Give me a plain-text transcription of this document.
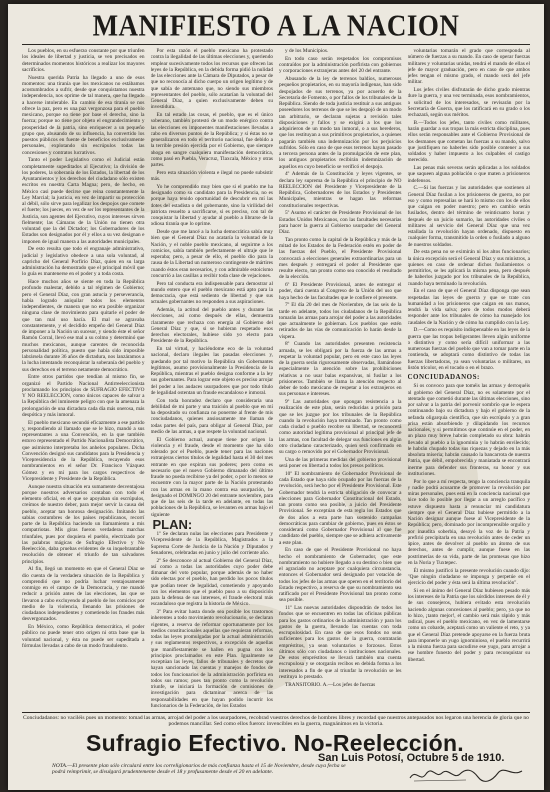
MANIFIESTO A LA NACION

Los pueblos, en su esfuerzo constante por que triunfen los ideales de libertad y justicia, se ven precisados en determinados momentos históricos a realizar los mayores sacrificios.

Nuestra querida Patria ha llegado a uno de esos momentos: una tiranía que los mexicanos no estábamos acostumbrados a sufrir, desde que conquistamos nuestra independencia, nos oprime de tal manera, que ha llegado a hacerse intolerable. En cambio de esa tiranía se nos ofrece la paz, pero es una paz vergonzosa para el pueblo mexicano, porque no tiene por base el derecho, sino la fuerza; porque no tiene por objeto el engrandecimiento y prosperidad de la patria, sino enriquecer a un pequeño grupo que, abusando de su influencia, ha convertido los puestos públicos en fuente de beneficios exclusivamente personales, explotando sin escrúpulos todas las concesiones y contratos lucrativos.

Tanto el poder Legislativo como el Judicial están completamente supeditados al Ejecutivo; la división de los poderes, la soberanía de los Estados, la libertad de los Ayuntamientos y los derechos del ciudadano sólo existen escritos en nuestra Carta Magna; pero, de hecho, en México casi puede decirse que reina constantemente la Ley Marcial; la justicia, en vez de impartir su protección al débil, sólo sirve para legalizar los despojos que comete el fuerte; los jueces, en vez de ser los representantes de la Justicia, son agentes del Ejecutivo, cuyos intereses sirven fielmente; las Cámaras de la Unión no tienen otra voluntad que la del Dictador; los Gobernadores de los Estados son designados por él y ellos a su vez designan e imponen de igual manera a las autoridades municipales.

De esto resulta que todo el engranaje administrativo, judicial y legislativo obedece a una sola voluntad, al capricho del General Porfirio Díaz, quien en su larga administración ha demostrado que el principal móvil que lo guía es mantenerse en el poder y a toda costa.

Hace muchos años se siente en toda la República profundo malestar, debido a tal régimen de Gobierno; pero el General Díaz, con gran astucia y perseverancia, había logrado aniquilar todos los elementos independientes, de manera que no era posible organizar ninguna clase de movimiento para quitarle el poder de que tan mal uso hacía. El mal se agravaba constantemente, y el decidido empeño del General Díaz de imponer a la Nación un sucesor, y siendo éste el señor Ramón Corral, llevó ese mal a su colmo y determinó que muchos mexicanos, aunque carentes de reconocida personalidad política, puesto que había sido imposible labrársela durante 36 años de dictadura, nos lanzáramos a la lucha intentando reconquistar la soberanía del pueblo y sus derechos en el terreno netamente democrático.

Entre otros partidos que tendían al mismo fin, se organizó el Partido Nacional Antirreeleccionista proclamando los principios de SUFRAGIO EFECTIVO Y NO REELECCION, como únicos capaces de salvar a la República del inminente peligro con que la amenaza la prolongación de una dictadura cada día más onerosa, más despótica y más inmoral.

El pueblo mexicano secundó eficazmente a ese partido y, respondiendo al llamado que se le hizo, mandó a sus representantes a una Convención, en la que también estuvo representado el Partido Nacionalista Democrático, que asimismo interpretaba los anhelos populares. Dicha Convención designó sus candidatos para la Presidencia y Vicepresidencia de la República, recayendo esos nombramientos en el señor Dr. Francisco Vázquez Gómez y en mí para los cargos respectivos de Vicepresidente y Presidente de la República.

Aunque nuestra situación era sumamente desventajosa porque nuestros adversarios contaban con todo el elemento oficial, en el que se apoyaban sin escrúpulos, creímos de nuestro deber, para mejor servir la causa del pueblo, aceptar tan honrosa designación. Imitando las sabias costumbres de los países republicanos, recorrí parte de la República haciendo un llamamiento a mis compatriotas. Mis giras fueron verdaderas marchas triunfales, pues por doquiera el pueblo, electrizado por las palabras mágicas de Sufragio Efectivo y No Reelección, daba pruebas evidentes de su inquebrantable resolución de obtener el triunfo de tan salvadores principios.

Al fin, llegó un momento en que el General Díaz se dio cuenta de la verdadera situación de la República y comprendió que no podría luchar ventajosamente conmigo en el campo de la Democracia, y me mandó reducir a prisión antes de las elecciones, las que se llevaron a cabo excluyendo al pueblo de los comicios por medio de la violencia, llenando las prisiones de ciudadanos independientes y cometiendo los fraudes más desvergonzados.

En México, como República democrática, el poder público no puede tener otro origen ni otra base que la voluntad nacional, y ésta no puede ser supeditada a fórmulas llevadas a cabo de un modo fraudulento.

Por esta razón el pueblo mexicano ha protestado contra la ilegalidad de las últimas elecciones y, queriendo emplear sucesivamente todos los recursos que ofrecen las leyes de la República, en la debida forma pidió la nulidad de las elecciones ante la Cámara de Diputados, a pesar de que no reconocía al dicho cuerpo un origen legítimo y de que sabía de antemano que, no siendo sus miembros representantes del pueblo, sólo acatarían la voluntad del General Díaz, a quien exclusivamente deben su investidura.

En tal estado las cosas, el pueblo, que es el único soberano, también protestó de un modo enérgico contra las elecciones en imponentes manifestaciones llevadas a cabo en diversos puntos de la República; y si éstas no se generalizaron en todo el territorio nacional, fue debido a la terrible presión ejercida por el Gobierno, que siempre ahoga en sangre cualquiera manifestación democrática, como pasó en Puebla, Veracruz, Tlaxcala, México y otras partes.

Pero esta situación violenta e ilegal no puede subsistir más.

Yo he comprendido muy bien que si el pueblo me ha designado como su candidato para la Presidencia, no es porque haya tenido oportunidad de descubrir en mí las dotes del estadista o del gobernante, sino la virilidad del patriota resuelto a sacrificarse, si es preciso, con tal de conquistar la libertad y ayudar al pueblo a librarse de la odiosa tiranía que lo oprime.

Desde que me lancé a la lucha democrática sabía muy bien que el General Díaz no acataría la voluntad de la Nación, y el noble pueblo mexicano, al seguirme a los comicios, sabía también perfectamente el ultraje que le esperaba; pero, a pesar de ello, el pueblo dio para la causa de la Libertad un numeroso contingente de mártires cuando éstos eran necesarios, y con admirable estoicismo concurrió a las casillas a recibir toda clase de vejaciones.

Pero tal conducta era indispensable para demostrar al mundo entero que el pueblo mexicano está apto para la democracia, que está sediento de libertad y que sus actuales gobernantes no responden a sus aspiraciones.

Además, la actitud del pueblo antes y durante las elecciones, así como después de ellas, demuestra claramente que rechaza con energía al Gobierno del General Díaz y que, si se hubieran respetado esos derechos electorales, hubiese sido yo electo para Presidente de la República.

En tal virtud, y haciéndome eco de la voluntad nacional, declaro ilegales las pasadas elecciones y, quedando por tal motivo la República sin Gobernantes legítimos, asumo provisionalmente la Presidencia de la República, mientras el pueblo designa conforme a la ley sus gobernantes. Para lograr este objeto es preciso arrojar del poder a los audaces usurpadores que por todo título de legalidad ostentan un fraude escandaloso e inmoral.

Con toda honradez declaro que consideraría una debilidad de mi parte y una traición al pueblo que en mí ha depositado su confianza no ponerme al frente de mis conciudadanos, quienes ansiosamente me llaman de todas partes del país, para obligar al General Díaz, por medio de las armas, a que respete la voluntad nacional.

El Gobierno actual, aunque tiene por origen la violencia y el fraude, desde el momento que ha sido tolerado por el Pueblo, puede tener para las naciones extranjeras ciertos títulos de legalidad hasta el 30 del mes entrante en que expiran sus poderes; pero como es necesario que el nuevo Gobierno dimanado del último fraude no pueda recibirse ya del poder, o por lo menos se encuentre con la mayor parte de la Nación protestando con las armas en la mano contra esa usurpación, he designado el DOMINGO 20 del entrante noviembre, para que de las seis de la tarde en adelante, en todas las poblaciones de la República, se levanten en armas bajo el siguiente

PLAN:

1º Se declaran nulas las elecciones para Presidente y Vicepresidente de la República, Magistrados a la Suprema Corte de Justicia de la Nación y Diputados y Senadores, celebradas en junio y julio del corriente año.

2º Se desconoce al actual Gobierno del General Díaz, así como a todas las autoridades cuyo poder debe dimanar del voto popular, porque además de no haber sido electas por el pueblo, han perdido los pocos títulos que podían tener de legalidad, cometiendo y apoyando con los elementos que el pueblo puso a su disposición para la defensa de sus intereses, el fraude electoral más escandaloso que registra la historia de México.

3º Para evitar hasta donde sea posible los trastornos inherentes a todo movimiento revolucionario, se declaran vigentes, a reserva de reformar oportunamente por los medios constitucionales aquellas que requieran reformas, todas las leyes promulgadas por la actual administración y sus reglamentos respectivos, a excepción de aquellas que manifiestamente se hallen en pugna con los principios proclamados en este Plan. Igualmente se exceptúan las leyes, fallos de tribunales y decretos que hayan sancionado las cuentas y manejos de fondos de todos los funcionarios de la administración porfirista en todos sus ramos; pues tan pronto como la revolución triunfe, se iniciará la formación de comisiones de investigación para dictaminar acerca de las responsabilidades en que hayan podido incurrir los funcionarios de la Federación, de los Estados

y de los Municipios.

En todo caso serán respetados los compromisos contraídos por la administración porfirista con gobiernos y corporaciones extranjeras antes del 20 del entrante.

Abusando de la ley de terrenos baldíos, numerosos pequeños propietarios, en su mayoría indígenas, han sido despojados de sus terrenos, ya por acuerdo de la Secretaría de Fomento, o por fallos de los tribunales de la República. Siendo de toda justicia restituir a sus antiguos poseedores los terrenos de que se les despojó de un modo tan arbitrario, se declaran sujetas a revisión tales disposiciones y fallos y se exigirá a los que los adquirieron de un modo tan inmoral, o a sus herederos, que los restituyan a sus primitivos propietarios, a quienes pagarán también una indemnización por los perjuicios sufridos. Sólo en caso de que esos terrenos hayan pasado a tercera persona antes de la promulgación de este plan, los antiguos propietarios recibirán indemnización de aquellos en cuyo beneficio se verificó el despojo.

4º Además de la Constitución y leyes vigentes, se declara ley suprema de la República el principio de NO REELECCION del Presidente y Vicepresidente de la República, Gobernadores de los Estados y Presidentes Municipales, mientras se hagan las reformas constitucionales respectivas.

5º Asumo el carácter de Presidente Provisional de los Estados Unidos Mexicanos, con las facultades necesarias para hacer la guerra al Gobierno usurpador del General Díaz.

Tan pronto como la capital de la República y más de la mitad de los Estados de la Federación estén en poder de las fuerzas del Pueblo, el Presidente Provisional convocará a elecciones generales extraordinarias para un mes después y entregará el poder al Presidente que resulte electo, tan pronto como sea conocido el resultado de la elección.

6º El Presidente Provisional, antes de entregar el poder, dará cuenta al Congreso de la Unión del uso que haya hecho de las facultades que le confiere el presente.

7º El día 20 del mes de Noviembre, de las seis de la tarde en adelante, todos los ciudadanos de la República tomarán las armas para arrojar del poder a las autoridades que actualmente le gobiernan. Los pueblos que estén retirados de las vías de comunicación lo harán desde la víspera.

8º Cuando las autoridades presenten resistencia armada, se les obligará por la fuerza de las armas a respetar la voluntad popular, pero en este caso las leyes de la guerra serán rigurosamente observadas, llamándose especialmente la atención sobre las prohibiciones relativas a no usar balas expansivas, ni fusilar a los prisioneros. También se llama la atención respecto al deber de todo mexicano de respetar a los extranjeros en sus personas e intereses.

9º Las autoridades que opongan resistencia a la realización de este plan, serán reducidas a prisión para que se les juzgue por los tribunales de la República cuando la revolución haya terminado. Tan pronto como cada ciudad o pueblo recobre su libertad, se reconocerá como autoridad legítima provisional al principal jefe de las armas, con facultad de delegar sus funciones en algún otro ciudadano caracterizado, quien será confirmado en su cargo o removido por el Gobernador Provisional.

Una de las primeras medidas del gobierno provisional será poner en libertad a todos los presos políticos.

10º El nombramiento de Gobernador Provisional de cada Estado que haya sido ocupado por las fuerzas de la revolución, será hecho por el Presidente Provisional. Este Gobernador tendrá la estricta obligación de convocar a elecciones para Gobernador Constitucional del Estado, tan pronto como sea posible, a juicio del Presidente Provisional. Se exceptúan de esta regla los Estados que de dos años a esta parte han sostenido campañas democráticas para cambiar de gobierno, pues en éstos se considerará como Gobernador Provisional al que fue candidato del pueblo, siempre que se adhiera activamente a este plan.

En caso de que el Presidente Provisional no haya hecho el nombramiento de Gobernador, que este nombramiento no hubiere llegado a su destino o bien que el agraciado no aceptare por cualquiera circunstancia, entonces el Gobernador será designado por votación de todos los jefes de las armas que operen en el territorio del Estado respectivo, a reserva de que su nombramiento sea ratificado por el Presidente Provisional tan pronto como sea posible.

11º Las nuevas autoridades dispondrán de todos los fondos que se encuentren en todas las oficinas públicas para los gastos ordinarios de la administración y para los gastos de la guerra, llevando las cuentas con toda escrupulosidad. En caso de que esos fondos no sean suficientes para los gastos de la guerra, contratarán empréstitos, ya sean voluntarios o forzosos. Estos últimos sólo con ciudadanos o instituciones nacionales. De estos empréstitos se llevará también una cuenta escrupulosa y se otorgarán recibos en debida forma a los interesados a fin de que al triunfar la revolución se les restituya lo prestado.

TRANSITORIO. A.—Los jefes de fuerzas

voluntarias tomarán el grado que corresponda al número de fuerzas a su mando. En caso de operar fuerzas militares y voluntarias unidas, tendrá el mando de ellas el jefe de mayor graduación, pero en caso de que ambos jefes tengan el mismo grado, el mando será del jefe militar.

Los jefes civiles disfrutarán de dicho grado mientras dure la guerra, y una vez terminada, esos nombramientos, a solicitud de los interesados, se revisarán por la Secretaría de Guerra, que los ratificará en su grado o los rechazará, según sus méritos.

B.—Todos los jefes, tanto civiles como militares, harán guardar a sus tropas la más estricta disciplina, pues ellos serán responsables ante el Gobierno Provisional de los desmanes que cometan las fuerzas a su mando, salvo que justifiquen no haberles sido posible contener a sus soldados y haber impuesto a los culpables el castigo merecido.

Las penas más severas serán aplicadas a los soldados que saqueen alguna población o que maten a prisioneros indefensos.

C.—Si las fuerzas y las autoridades que sostienen al General Díaz fusilan a los prisioneros de guerra, no por eso y como represalias se hará lo mismo con los de ellos que caigan en poder nuestro; pero en cambio serán fusilados, dentro del término de veinticuatro horas y después de un juicio sumario, las autoridades civiles o militares al servicio del General Díaz que una vez estallada la revolución hayan ordenado, dispuesto en cualquier forma, transmitido la orden o fusilado a alguno de nuestros soldados.

De esta pena no se eximirán ni los altos funcionarios; la única excepción será el General Díaz y sus ministros, a quienes en caso de ordenar dichos fusilamientos o permitirlos, se les aplicará la misma pena, pero después de haberlos juzgado por los tribunales de la República, cuando haya terminado la revolución.

En el caso de que el General Díaz disponga que sean respetadas las leyes de guerra y que se trate con humanidad a los prisioneros que caigan en sus manos, tendrá la vida salva; pero de todos modos deberá responder ante los tribunales de cómo ha manejado los caudales de la Nación y de cómo ha cumplido con la Ley.

D.—Como es requisito indispensable en las leyes de la guerra que las tropas beligerantes lleven algún uniforme o distintivo y como sería difícil uniformar a las numerosas fuerzas del pueblo que van a tomar parte en la contienda, se adoptará como distintivo de todas las fuerzas libertadoras, ya sean voluntarias o militares, un listón tricolor, en el tocado o en el brazo.

CONCIUDADANOS:

Si os convoco para que toméis las armas y derroquéis al gobierno del General Díaz, no es solamente por el atentado que cometió durante las últimas elecciones, sino por salvar a la patria del porvenir sombrío que le espera continuando bajo su dictadura y bajo el gobierno de la nefanda oligarquía científica, que sin escrúpulo y a gran prisa están absorbiendo y dilapidando los recursos nacionales, y si permitimos que continúe en el poder, en un plazo muy breve habrán completado su obra: habrán llevado al pueblo a la ignominia y lo habrán envilecido; le habrán chupado todas sus riquezas y dejado en la más absoluta miseria; habrán causado la bancarrota de nuestra Patria, que débil, empobrecida y maniatada se encontrará inerme para defender sus fronteras, su honor y sus instituciones.

Por lo que a mí respecta, tengo la conciencia tranquila y nadie podrá acusarme de promover la revolución por miras personales, pues está en la conciencia nacional que hice todo lo posible por llegar a un arreglo pacífico y estuve dispuesto hasta a renunciar mi candidatura siempre que el General Díaz hubiese permitido a la Nación designar aunque fuese al Vicepresidente de la República; pero, dominado por incomprensible orgullo y por inaudita soberbia, desoyó la voz de la Patria y prefirió precipitarla en una revolución antes de ceder un ápice, antes de devolver al pueblo un átomo de sus derechos, antes de cumplir, aunque fuese en las postrimerías de su vida, parte de las promesas que hizo en la Noria y Tuxtepec.

Él mismo justificó la presente revolución cuando dijo: "Que ningún ciudadano se imponga y perpetúe en el ejercicio del poder y ésta será la última revolución".

Si en el ánimo del General Díaz hubiesen pesado más los intereses de la Patria que los sórdidos intereses de él y de sus consejeros, hubiera evitado esta revolución haciendo algunas concesiones al pueblo; pero, ya que no lo hizo, ¡tanto mejor!, el cambio será más rápido y más radical, pues el pueblo mexicano, en vez de lamentarse como un cobarde, aceptará como un valiente el reto, y ya que el General Díaz pretende apoyarse en la fuerza bruta para imponerle un yugo ignominioso, el pueblo recurrirá a la misma fuerza para sacudirse ese yugo, para arrojar a ese hombre funesto del poder y para reconquistar su libertad.

Conciudadanos: no vaciléis pues un momento: tomad las armas, arrojad del poder a los usurpadores, recobrad vuestros derechos de hombres libres y recordad que nuestros antepasados nos legaron una herencia de gloria que no podemos mancillar. Sed como ellos fueron: invencibles en la guerra, magnánimos en la victoria.
Sufragio Efectivo. No-Reelección.
San Luis Potosí, Octubre 5 de 1910.
NOTA.—El presente plan sólo circulará entre los correligionarios de más confianza hasta el 15 de Noviembre, desde cuya fecha se podrá reimprimir, se divulgará prudentemente desde el 18 y profusamente desde el 20 en adelante.
